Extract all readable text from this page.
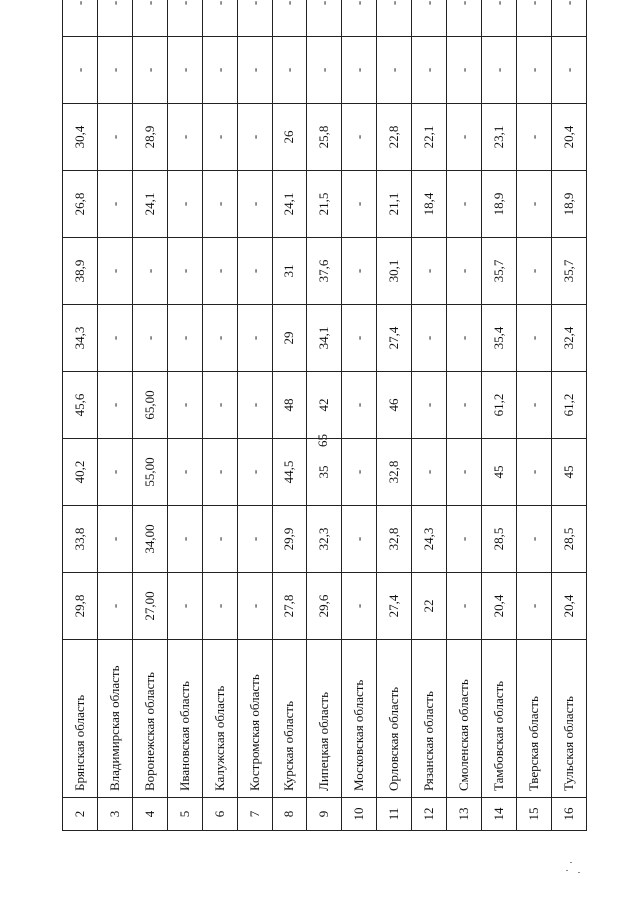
65
2	Брянская область	29,8	33,8	40,2	45,6	34,3	38,9	26,8	30,4	-	-
3	Владимирская область	-	-	-	-	-	-	-	-	-	-
4	Воронежская область	27,00	34,00	55,00	65,00	-	-	24,1	28,9	-	-
5	Ивановская область	-	-	-	-	-	-	-	-	-	-
6	Калужская область	-	-	-	-	-	-	-	-	-	-
7	Костромская область	-	-	-	-	-	-	-	-	-	-
8	Курская область	27,8	29,9	44,5	48	29	31	24,1	26	-	-
9	Липецкая область	29,6	32,3	35	42	34,1	37,6	21,5	25,8	-	-
10	Московская область	-	-	-	-	-	-	-	-	-	-
11	Орловская область	27,4	32,8	32,8	46	27,4	30,1	21,1	22,8	-	-
12	Рязанская область	22	24,3	-	-	-	-	18,4	22,1	-	-
13	Смоленская область	-	-	-	-	-	-	-	-	-	-
14	Тамбовская область	20,4	28,5	45	61,2	35,4	35,7	18,9	23,1	-	-
15	Тверская область	-	-	-	-	-	-	-	-	-	-
16	Тульская область	20,4	28,5	45	61,2	32,4	35,7	18,9	20,4	-	-
